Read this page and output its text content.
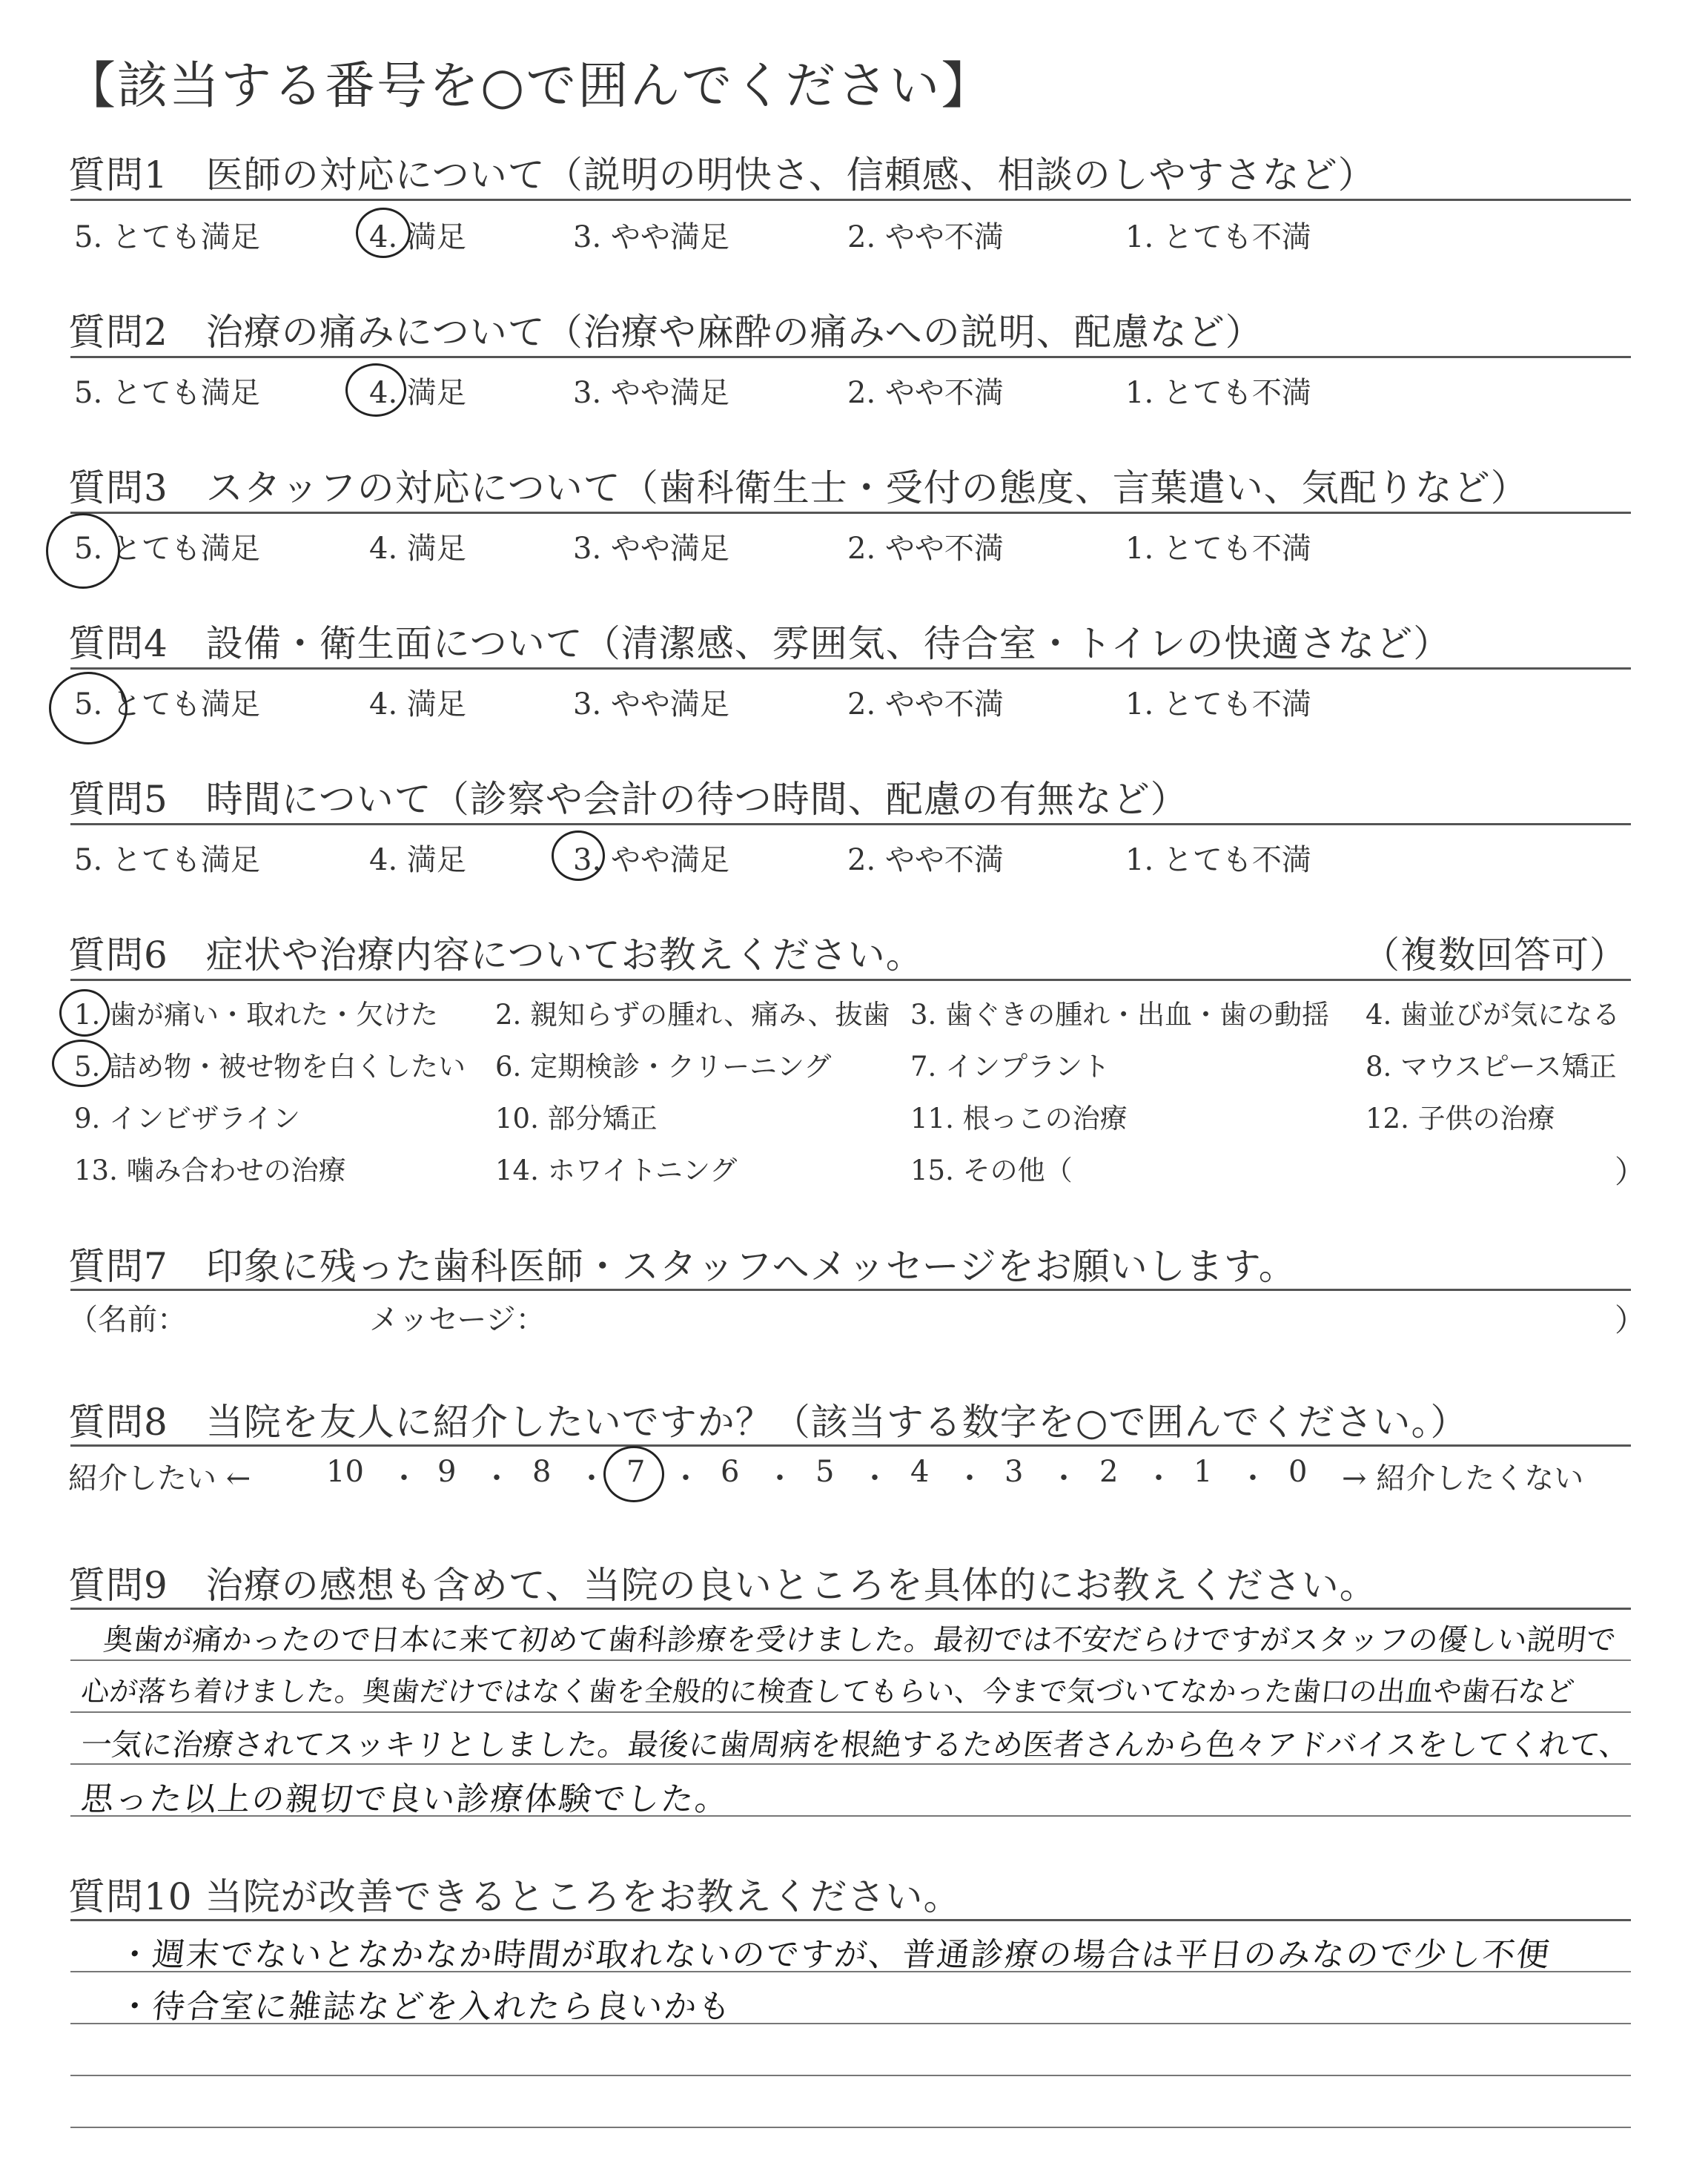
【該当する番号を○で囲んでください】
質問1　医師の対応について（説明の明快さ、信頼感、相談のしやすさなど）
5. とても満足	4. 満足	3. やや満足	2. やや不満	1. とても不満
質問2　治療の痛みについて（治療や麻酔の痛みへの説明、配慮など）
5. とても満足	4. 満足	3. やや満足	2. やや不満	1. とても不満
質問3　スタッフの対応について（歯科衛生士・受付の態度、言葉遣い、気配りなど）
5. とても満足	4. 満足	3. やや満足	2. やや不満	1. とても不満
質問4　設備・衛生面について（清潔感、雰囲気、待合室・トイレの快適さなど）
5. とても満足	4. 満足	3. やや満足	2. やや不満	1. とても不満
質問5　時間について（診察や会計の待つ時間、配慮の有無など）
5. とても満足	4. 満足	3. やや満足	2. やや不満	1. とても不満
質問6　症状や治療内容についてお教えください。	（複数回答可）
1. 歯が痛い・取れた・欠けた 2. 親知らずの腫れ、痛み、抜歯 3. 歯ぐきの腫れ・出血・歯の動揺 4. 歯並びが気になる
5. 詰め物・被せ物を白くしたい 6. 定期検診・クリーニング	7. インプラント	8. マウスピース矯正
9. インビザライン	10. 部分矯正	11. 根っこの治療	12. 子供の治療
13. 噛み合わせの治療	14. ホワイトニング	15. その他（	）
質問7　印象に残った歯科医師・スタッフへメッセージをお願いします。
（名前：	メッセージ：	）
質問8　当院を友人に紹介したいですか？（該当する数字を○で囲んでください。）
紹介したい ←	10 ・ 9 ・ 8 ・ 7 ・ 6 ・ 5 ・ 4 ・ 3 ・ 2 ・ 1 ・ 0 → 紹介したくない
質問9　治療の感想も含めて、当院の良いところを具体的にお教えください。
奥歯が痛かったので日本に来て初めて歯科診療を受けました。最初では不安だらけですがスタッフの優しい説明で
心が落ち着けました。奥歯だけではなく歯を全般的に検査してもらい、今まで気づいてなかった歯口の出血や歯石など
一気に治療されてスッキリとしました。最後に歯周病を根絶するため医者さんから色々アドバイスをしてくれて、
思った以上の親切で良い診療体験でした。
質問10 当院が改善できるところをお教えください。
・週末でないとなかなか時間が取れないのですが、普通診療の場合は平日のみなので少し不便
・待合室に雑誌などを入れたら良いかも
